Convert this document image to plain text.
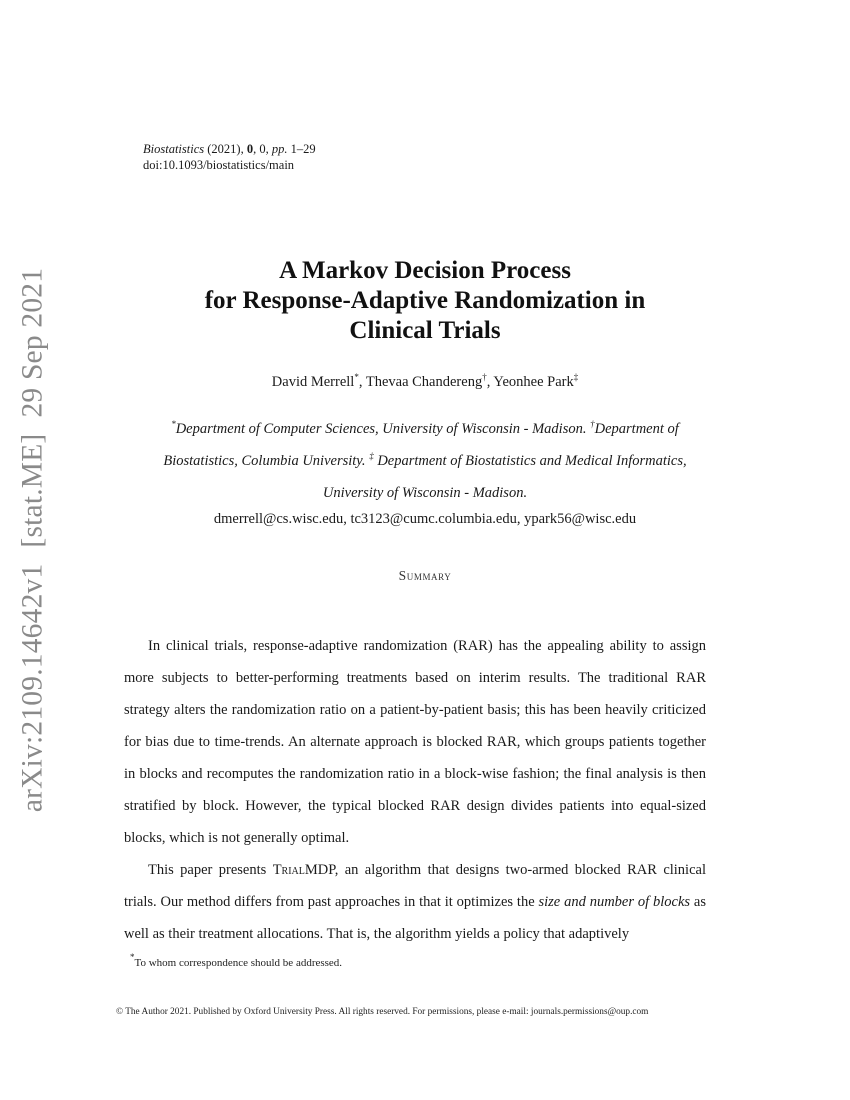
arXiv:2109.14642v1[stat.ME]29 Sep 2021
Biostatistics (2021), 0, 0, pp. 1–29
doi:10.1093/biostatistics/main
A Markov Decision Process
for Response-Adaptive Randomization in
Clinical Trials
David Merrell*, Thevaa Chandereng†, Yeonhee Park‡
*Department of Computer Sciences, University of Wisconsin - Madison. †Department of
Biostatistics, Columbia University. ‡ Department of Biostatistics and Medical Informatics,
University of Wisconsin - Madison.
dmerrell@cs.wisc.edu, tc3123@cumc.columbia.edu, ypark56@wisc.edu
Summary

In clinical trials, response-adaptive randomization (RAR) has the appealing ability to assign more subjects to better-performing treatments based on interim results. The traditional RAR strategy alters the randomization ratio on a patient-by-patient basis; this has been heavily criticized for bias due to time-trends. An alternate approach is blocked RAR, which groups patients together in blocks and recomputes the randomization ratio in a block-wise fashion; the final analysis is then stratified by block. However, the typical blocked RAR design divides patients into equal-sized blocks, which is not generally optimal.

This paper presents TrialMDP, an algorithm that designs two-armed blocked RAR clinical trials. Our method differs from past approaches in that it optimizes the size and number of blocks as well as their treatment allocations. That is, the algorithm yields a policy that adaptively

*To whom correspondence should be addressed.
© The Author 2021. Published by Oxford University Press. All rights reserved. For permissions, please e-mail: journals.permissions@oup.com
